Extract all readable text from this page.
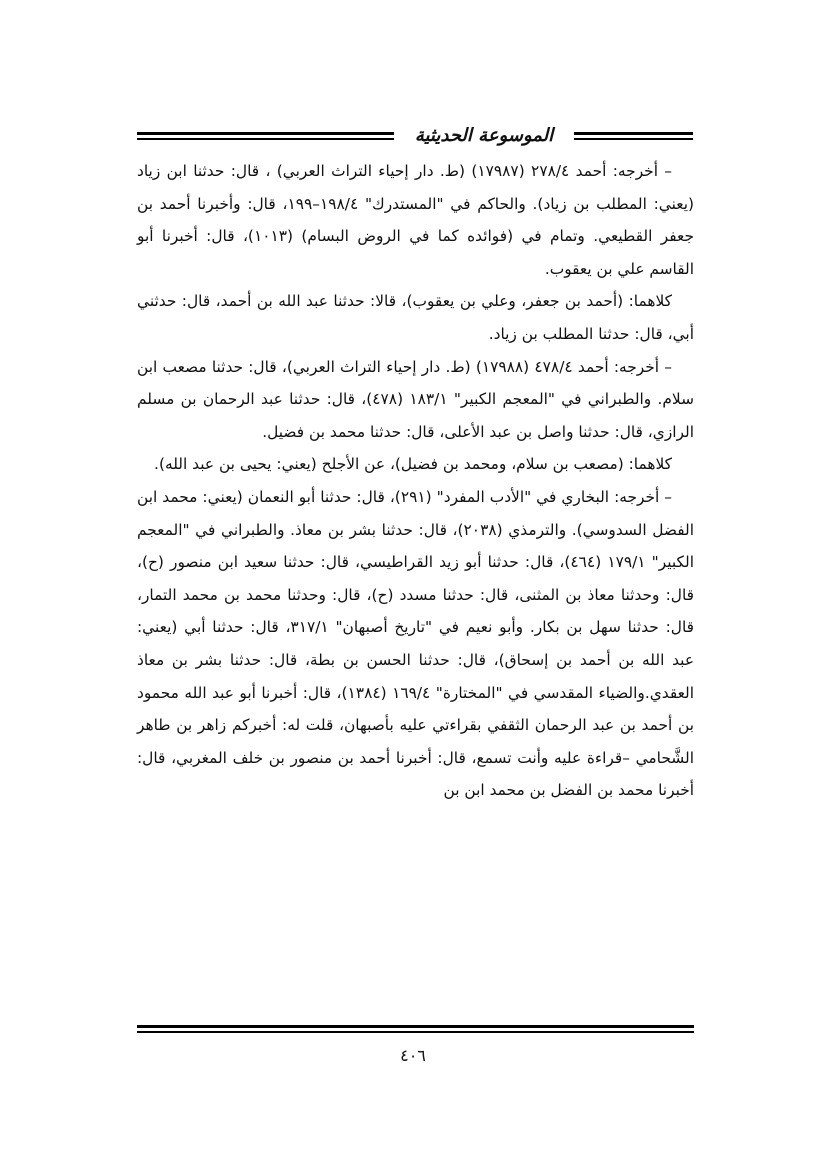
الموسوعة الحديثية

– أخرجه: أحمد ٢٧٨/٤ (١٧٩٨٧) (ط. دار إحياء التراث العربي) ، قال: حدثنا ابن زياد (يعني: المطلب بن زياد). والحاكم في "المستدرك" ١٩٨/٤–١٩٩، قال: وأخبرنا أحمد بن جعفر القطيعي. وتمام في (فوائده كما في الروض البسام) (١٠١٣)، قال: أخبرنا أبو القاسم علي بن يعقوب.

كلاهما: (أحمد بن جعفر، وعلي بن يعقوب)، قالا: حدثنا عبد الله بن أحمد، قال: حدثني أبي، قال: حدثنا المطلب بن زياد.

– أخرجه: أحمد ٤٧٨/٤ (١٧٩٨٨) (ط. دار إحياء التراث العربي)، قال: حدثنا مصعب ابن سلام. والطبراني في "المعجم الكبير" ١٨٣/١ (٤٧٨)، قال: حدثنا عبد الرحمان بن مسلم الرازي، قال: حدثنا واصل بن عبد الأعلى، قال: حدثنا محمد بن فضيل.

كلاهما: (مصعب بن سلام، ومحمد بن فضيل)، عن الأجلح (يعني: يحيى بن عبد الله).

– أخرجه: البخاري في "الأدب المفرد" (٢٩١)، قال: حدثنا أبو النعمان (يعني: محمد ابن الفضل السدوسي). والترمذي (٢٠٣٨)، قال: حدثنا بشر بن معاذ. والطبراني في "المعجم الكبير" ١٧٩/١ (٤٦٤)، قال: حدثنا أبو زيد القراطيسي، قال: حدثنا سعيد ابن منصور (ح)، قال: وحدثنا معاذ بن المثنى، قال: حدثنا مسدد (ح)، قال: وحدثنا محمد بن محمد التمار، قال: حدثنا سهل بن بكار. وأبو نعيم في "تاريخ أصبهان" ٣١٧/١، قال: حدثنا أبي (يعني: عبد الله بن أحمد بن إسحاق)، قال: حدثنا الحسن بن بطة، قال: حدثنا بشر بن معاذ العقدي.والضياء المقدسي في "المختارة" ١٦٩/٤ (١٣٨٤)، قال: أخبرنا أبو عبد الله محمود بن أحمد بن عبد الرحمان الثقفي بقراءتي عليه بأصبهان، قلت له: أخبركم زاهر بن طاهر الشَّحامي –قراءة عليه وأنت تسمع، قال: أخبرنا أحمد بن منصور بن خلف المغربي، قال: أخبرنا محمد بن الفضل بن محمد ابن بن

٤٠٦
